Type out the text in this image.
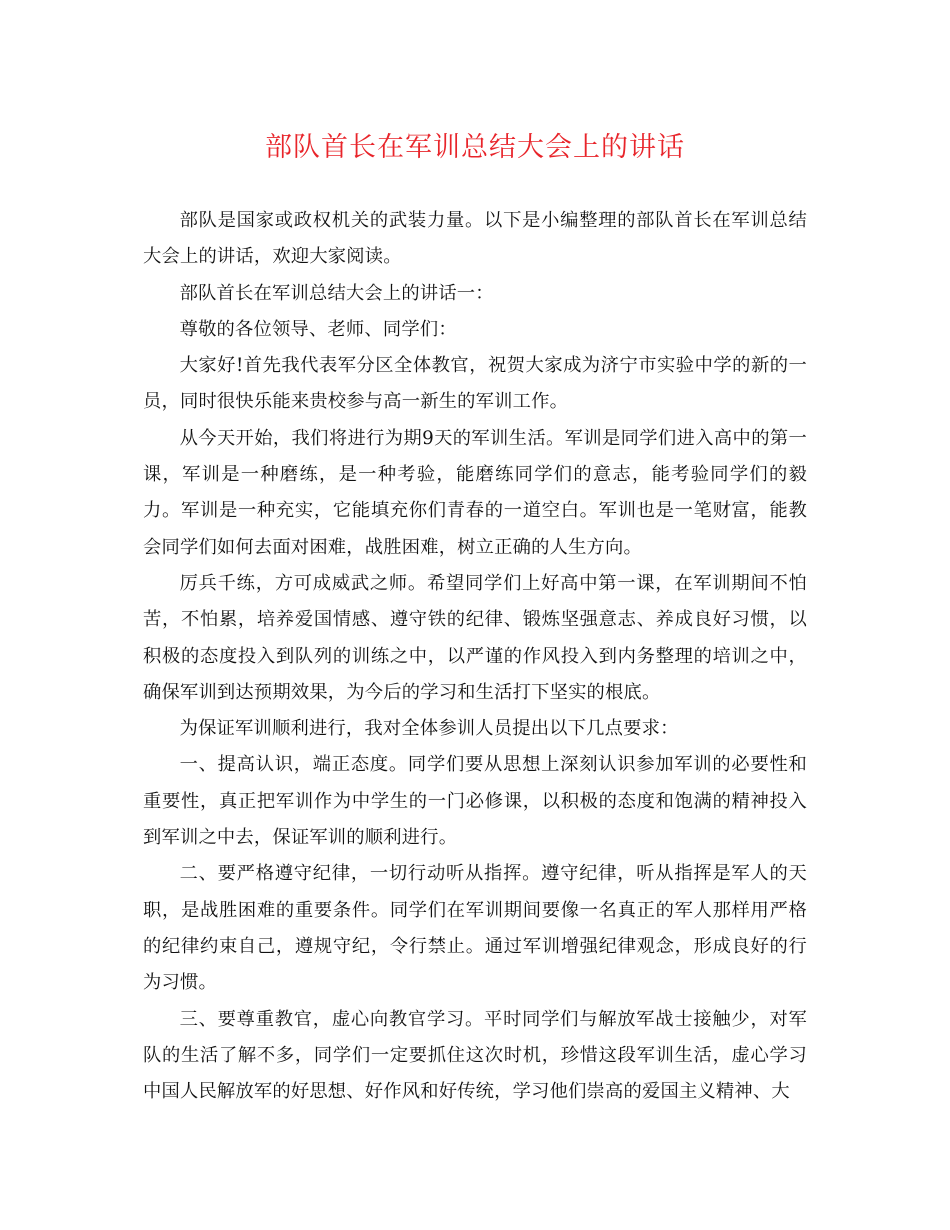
部队首长在军训总结大会上的讲话

部队是国家或政权机关的武装力量。以下是小编整理的部队首长在军训总结大会上的讲话，欢迎大家阅读。

部队首长在军训总结大会上的讲话一：

尊敬的各位领导、老师、同学们：

大家好!首先我代表军分区全体教官，祝贺大家成为济宁市实验中学的新的一员，同时很快乐能来贵校参与高一新生的军训工作。

从今天开始，我们将进行为期9天的军训生活。军训是同学们进入高中的第一课，军训是一种磨练，是一种考验，能磨练同学们的意志，能考验同学们的毅力。军训是一种充实，它能填充你们青春的一道空白。军训也是一笔财富，能教会同学们如何去面对困难，战胜困难，树立正确的人生方向。

厉兵千练，方可成威武之师。希望同学们上好高中第一课，在军训期间不怕苦，不怕累，培养爱国情感、遵守铁的纪律、锻炼坚强意志、养成良好习惯，以积极的态度投入到队列的训练之中，以严谨的作风投入到内务整理的培训之中，确保军训到达预期效果，为今后的学习和生活打下坚实的根底。

为保证军训顺利进行，我对全体参训人员提出以下几点要求：

一、提高认识，端正态度。同学们要从思想上深刻认识参加军训的必要性和重要性，真正把军训作为中学生的一门必修课，以积极的态度和饱满的精神投入到军训之中去，保证军训的顺利进行。

二、要严格遵守纪律，一切行动听从指挥。遵守纪律，听从指挥是军人的天职，是战胜困难的重要条件。同学们在军训期间要像一名真正的军人那样用严格的纪律约束自己，遵规守纪，令行禁止。通过军训增强纪律观念，形成良好的行为习惯。

三、要尊重教官，虚心向教官学习。平时同学们与解放军战士接触少，对军队的生活了解不多，同学们一定要抓住这次时机，珍惜这段军训生活，虚心学习中国人民解放军的好思想、好作风和好传统，学习他们崇高的爱国主义精神、大
